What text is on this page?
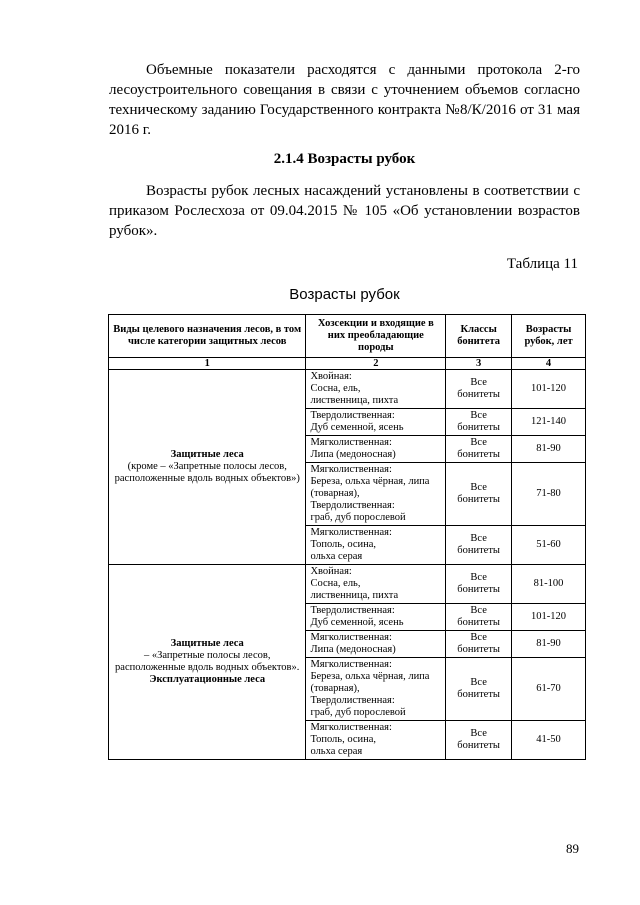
Объемные показатели расходятся с данными протокола 2-го лесоустроительного совещания в связи с уточнением объемов согласно техническому заданию Государственного контракта №8/К/2016 от 31 мая 2016 г.

2.1.4 Возрасты рубок

Возрасты рубок лесных насаждений установлены в соответствии с приказом Рослесхоза от 09.04.2015 № 105 «Об установлении возрастов рубок».

Таблица 11

Возрасты рубок

Виды целевого назначения лесов, в том числе категории защитных лесов	Хозсекции и входящие в них преобладающие породы	Классы бонитета	Возрасты рубок, лет
1	2	3	4

Защитные леса
(кроме – «Запретные полосы лесов, расположенные вдоль водных объектов»)	Хвойная:
Сосна, ель,
лиственница, пихта	Все бонитеты	101-120

	Твердолиственная:
Дуб семенной, ясень	Все бонитеты	121-140

	Мягколиственная:
Липа (медоносная)	Все бонитеты	81-90

	Мягколиственная:
Береза, ольха чёрная, липа
(товарная),
Твердолиственная:
граб, дуб порослевой	Все бонитеты	71-80

	Мягколиственная:
Тополь, осина,
ольха серая	Все бонитеты	51-60

Защитные леса
– «Запретные полосы лесов, расположенные вдоль водных объектов».
Эксплуатационные леса	Хвойная:
Сосна, ель,
лиственница, пихта	Все бонитеты	81-100

	Твердолиственная:
Дуб семенной, ясень	Все бонитеты	101-120

	Мягколиственная:
Липа (медоносная)	Все бонитеты	81-90

	Мягколиственная:
Береза, ольха чёрная, липа
(товарная),
Твердолиственная:
граб, дуб порослевой	Все бонитеты	61-70

	Мягколиственная:
Тополь, осина,
ольха серая	Все бонитеты	41-50

89
